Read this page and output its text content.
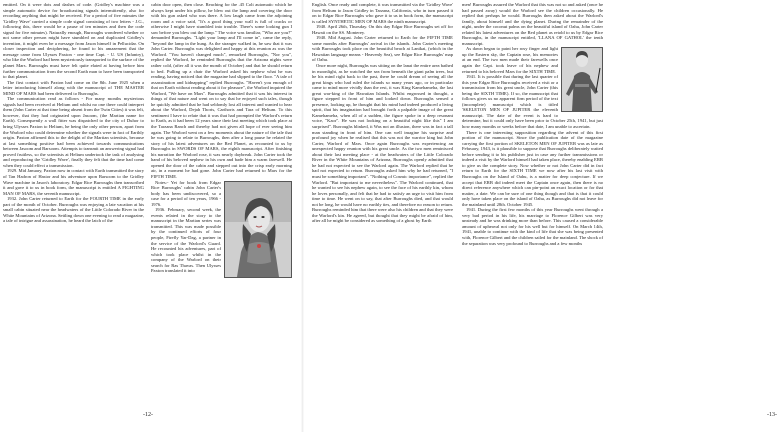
emitted. On it were dots and dashes of code. (Gridley's machine was a simple automatic device for broadcasting signals intermittently, also for recording anything that might be received. For a period of five minutes the 'Gridley Wave' carried a simple code signal consisting of two letters - J.G., following this, there would be a pause of ten minutes and then the code signal for five minutes). Naturally enough, Burroughs wondered whether or not some other person might have stumbled on and duplicated Gridley's invention, it might even be a message from Jason himself in Pellucidar. On closer inspection and deciphering, he found to his amazement that the message came from Ulysses Paxton - one time Capt. - U. US (Infantry), who like the Warlord had been mysteriously transported to the surface of the planet Mars. Burroughs must have felt quite elated at having before him further communication from the second Earth man to have been transported to that planet.

The first contact with Paxton had come on the 8th. June 1925 when a letter introducing himself along with the manuscript of THE MASTER MIND OF MARS had been delivered to Burroughs.

The communication read as follows - For many months mysterious signals had been received at Helium and whilst no one there could interpret them (John Carter at that time being absent from the Twin Cities) it was felt, however, that they had originated upon Jasoom, (the Martian name for Earth). Consequently a wall fitter was dispatched to the city of Duhor to bring Ulysses Paxton to Helium, he being the only other person, apart from the Warlord who could determine whether the signals were in fact of Earthly origin. Paxton affirmed this to the delight of the Martian scientists, because at last something positive had been achieved towards communications between Jasoom and Barsoom. Attempts to transmit an answering signal had proved fruitless, so the scientists at Helium undertook the task of analysing and reproducing the 'Gridley Wave', finally they felt that the time had come when they could effect a transmission.

1929. Mid January, Paxton now in contact with Earth transmitted the story of Tan Hadron of Hastor and his adventure upon Barsoom to the Gridley Wave machine in Jason's laboratory. Edgar Rice Burroughs then transcribed it and gave it to us in book form, the manuscript is entitled A FIGHTING MAN OF MARS, the seventh manuscript.

1932. John Carter returned to Earth for the FOURTH TIME in the early part of the month of October. Burroughs was enjoying a late vacation at his small cabin situated near the headwaters of the Little Colorado River in the White Mountains of Arizona. Settling down one evening to read a magazine, a tale of intrigue and assassination, he heard the latch of the

cabin door open, then close. Reaching for the .45 Colt automatic which he always kept under his pillow, he blew out the lamp and covering the door with his gun asked who was there. A low laugh came from the adjoining room and a voice said, "It's a good thing your wall is full of cracks or otherwise I might have stumbled into trouble. There's some looking gun I saw before you blew out the lamp." The voice was familiar, "Who are you?" demanded Burroughs. "Light your lamp and I'll come in", came the reply, "beyond the lamp in the hung. As the stranger walked in, he saw that it was John Carter. Burroughs was delighted and happy at this reunion as was the Warlord. "You haven't changed much", remarked Burroughs, "Nor you", replied the Warlord, he reminded Burroughs that the Arizona nights were rather cold, (after all it was the month of October) and that he should return to bed. Pulling up a chair the Warlord asked his nephew what he was reading, having noticed that the magazine had slipped to the floor. "A tale of assassination and kidnapping" replied Burroughs. "Haven't you enough of that on Earth without reading about it for pleasure", the Warlord inquired the Warlord, "We have on Mars". Burroughs admitted that it was his interest in things of that nature and went on to say that he enjoyed such tales, though he quickly admitted that he had seldomly lost all interest and wanted to hear about the Warlord, Dejah Thoris, Carthoris and Tara of Helium. To this sentiment I have to relate that it was that had prompted the Warlord's return to Earth, as it had been 12 years since their last meeting which took place at the Tarzana Ranch and thereby had not given all hope of ever seeing him again. The Warlord went on a few moments about the nature of the tale that he was going to relate to Burroughs, then after a long pause he related the story of his latest adventures on the Red Planet, as recounted to us by Burroughs in SWORDS OF MARS, the eighth manuscript. After finishing his narration the Warlord rose, it was nearly daybreak. John Carter took the hand of his beloved nephew in his own and bade him a warm farewell. He opened the door of the cabin and stepped out into the crisp early morning air, in a moment he had gone. John Carter had returned to Mars for the FIFTH TIME.

Notes:- Yet for book from Edgar Rice Burroughs' cabin John Carter's body has been undiscovered, so a case for a period of ten years, 1966 - 1976.

1936. February, second week, the events related in the story to the manuscript in the Martian series was transmitted. This was made possible by the continued efforts of four people, Firefly Yar-Dag, a partner in the service of the Warlord's Guard. He recounted his adventures, part of which took place whilst in the company of the Warlord on their search for Ras Thavas. Then Ulysses Paxton translated it into

-12-

English. Once ready and complete, it was transmitted via the 'Gridley Wave' from Helium to Jason Gridley in Tarzana, California, who in turn passed it on to Edgar Rice Burroughs who gave it to us in book form, the manuscript is called SYNTHETIC MEN OF MARS the ninth manuscript.

1940. April 26th, Thursday. On this day Edgar Rice Burroughs set off for Hawaii on the SS. Monterey.

1940. Mid August. John Carter returned to Earth for the FIFTH TIME some months after Burroughs' arrival in the islands. John Carter's meeting with Burroughs took place on the beautiful beach at Lanikai, (which in the Hawaiian language means - Heavenly Sea), see Edgar Rice Burroughs' map of Oahu.

Once more night, Burroughs was sitting on the lanai the entire area bathed in moonlight, as he watched the sea from beneath the giant palm trees, but he his mind right back to the past, there he could dream of seeing all the great kings who had ruled the islands so many years ago, or in particular came to mind more vividly than the rest, it was King Kamehameha, the last great war-king of the Hawaiian Islands. Whilst engrossed in thought, a figure stepped in front of him and looked down. Burroughs sensed a presence, looking up, he thought that his mind had indeed produced a living spirit, that his imagination had brought forth a palpable image of the great Kamehameha, when all of a sudden, the figure spoke in a deep resonant voice, "Kaor". He was not looking on a beautiful night like this" I am surprised". Burroughs blinked, it Was not an illusion, there was in fact a tall man standing in front of him. One can well imagine his surprise and profound joy when he realised that this was not the warrior king but John Carter, Warlord of Mars. Once again Burroughs was experiencing an unexpected happy reunion with his great uncle. As the two men reminisced about their last meeting place - at the headwaters of the Little Colorado River in the White Mountains of Arizona, Burroughs openly admitted that he had not expected to see the Warlord again. The Warlord replied that he had not expected to return. Burroughs asked him why he had returned, "I must be something important". "Nothing of Cosmic importance", replied the Warlord. "But important to me nevertheless". The Warlord continued, that he wanted to see his nephew again, to see the face of his earthly kin, whom he loves personally, and felt that he had to satisfy an urge to visit him from time to time. He went on to say, that after Burroughs died, and that would not be long, he would have no earthly ties, and therefore no reason to return. Burroughs reminded him that there were also his children and that they were the Warlord's kin. He agreed, but thought that they might be afraid of him, after all he might be considered as something of a ghost by Earth

men! Burroughs assured the Warlord that this was not so and asked (once he had passed away) would the Warlord see the children occasionally. He replied that perhaps he would. Burroughs then asked about the Warlord's family, about himself and the dying planet. During the remainder of the night, under the coconut palms on the beautiful island of Oahu, John Carter related his latest adventures on the Red planet as retold to us by Edgar Rice Burroughs, in the manuscript entitled, 'LLANA OF GATHOL' the tenth manuscript.

As dawn began to paint her rosy finger and light up the Eastern sky, the Captain rose, his memories at an end. The two men made their farewells once again the Capt. took leave of his nephew and returned to his beloved Mars for the SIXTH TIME.

1941. It is possible that during the last quarter of this year Edgar Rice Burroughs received a visit or a transmission from his great uncle, John Carter (this being the SIXTH TIME). If so, the manuscript that follows gives us no apparent firm period of the text (incomplete) manuscript which is titled 'SKELETON MEN OF JUPITER the eleventh manuscript. The date of the event is hard to determine, but it could only have been prior to October 25th, 1941, but just how many months or weeks before that date, I am unable to ascertain.

There is one interesting supposition regarding the advent of this first portion of the manuscript. Since the publication date of the magazine carrying the first portion of SKELETON MEN OF JUPITER was as late as February, 1943, is it plausible to suppose that Burroughs deliberately waited before sending it to his publisher just in case any further transmissions or indeed a visit by the Warlord himself had taken place, thereby enabling ERB to give us the complete story. Now whether or not John Carter did in fact return to Earth for the SIXTH TIME we now after his last visit with Burroughs on the Island of Oahu, is a matter for deep conjecture. If we accept that ERB did indeed meet the Captain once again, then there is no direct reference anywhere which can pin-point an exact location or for that matter, a date. We can be sure of one thing though and that is that it could only have taken place on the island of Oahu, as Burroughs did not leave for the mainland until 28th. October 1945.

1941. During the first few months of this year Burroughs went through a very bad period in his life, his marriage to Florence Gilbert was very unsteady and he was drinking more than before. This caused a considerable amount of upheaval not only for his well but for himself. On March 14th, 1941, unable to continue with the kind of life that she was being presented with, Florence Gilbert and the children sailed for the mainland. The shock of the separation was very profound to Burroughs and a few months

-13-
